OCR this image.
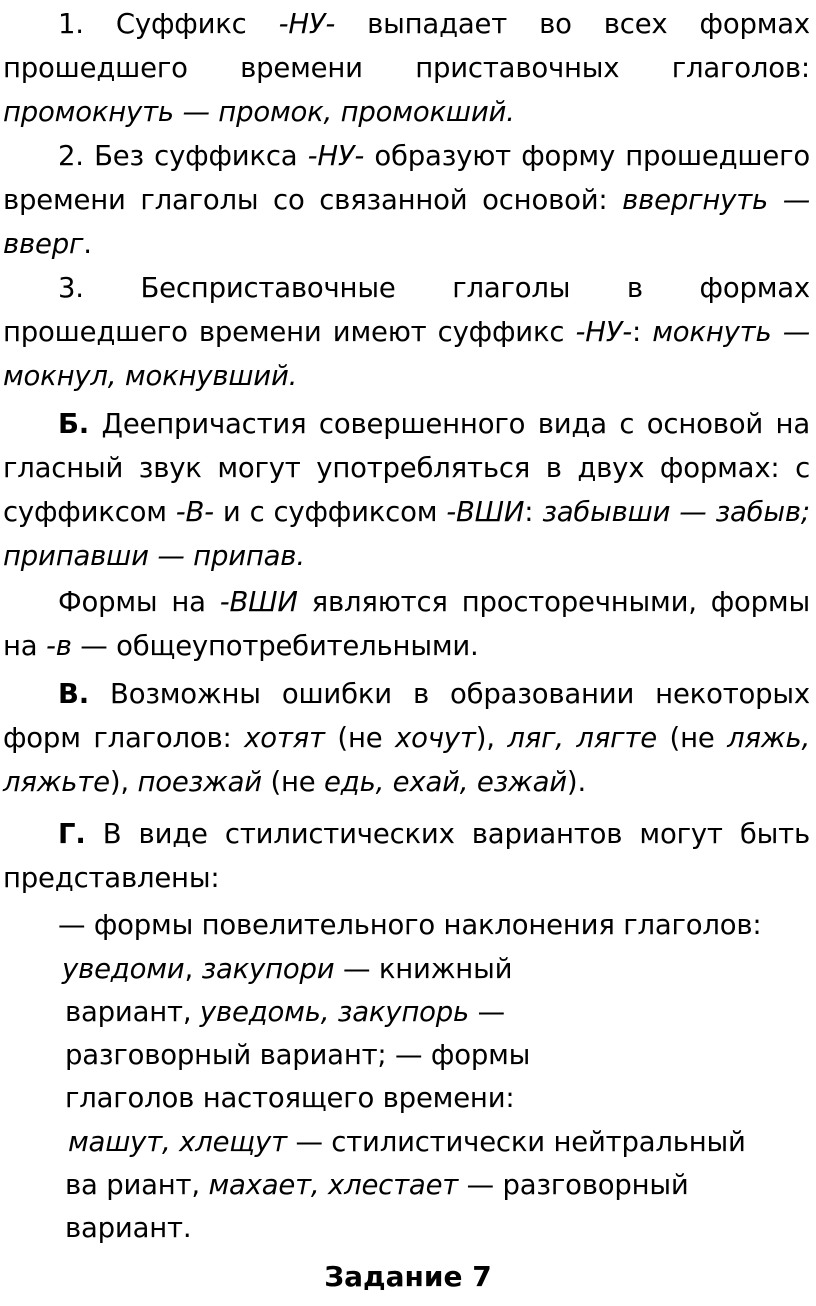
1. Суффикс -НУ- выпадает во всех формах прошедшего времени приставочных глаголов: промокнуть — промок, промокший.
2. Без суффикса -НУ- образуют форму прошедшего времени глаголы со связанной основой: ввергнуть — вверг.
3. Бесприставочные глаголы в формах прошедшего времени имеют суффикс -НУ-: мокнуть — мокнул, мокнувший.
Б. Деепричастия совершенного вида с основой на гласный звук могут употребляться в двух формах: с суффиксом -В- и с суффиксом -ВШИ: забывши — забыв; припавши — припав.
Формы на -ВШИ являются просторечными, формы на -в — общеупотребительными.
В. Возможны ошибки в образовании некоторых форм глаголов: хотят (не хочут), ляг, лягте (не ляжь, ляжьте), поезжай (не едь, ехай, езжай).
Г. В виде стилистических вариантов могут быть представлены:
— формы повелительного наклонения глаголов:
уведоми, закупори — книжный
вариант, уведомь, закупорь —
разговорный вариант; — формы
глаголов настоящего времени:
машут, хлещут — стилистически нейтральный
ва риант, махает, хлестает — разговорный
вариант.
Задание 7
